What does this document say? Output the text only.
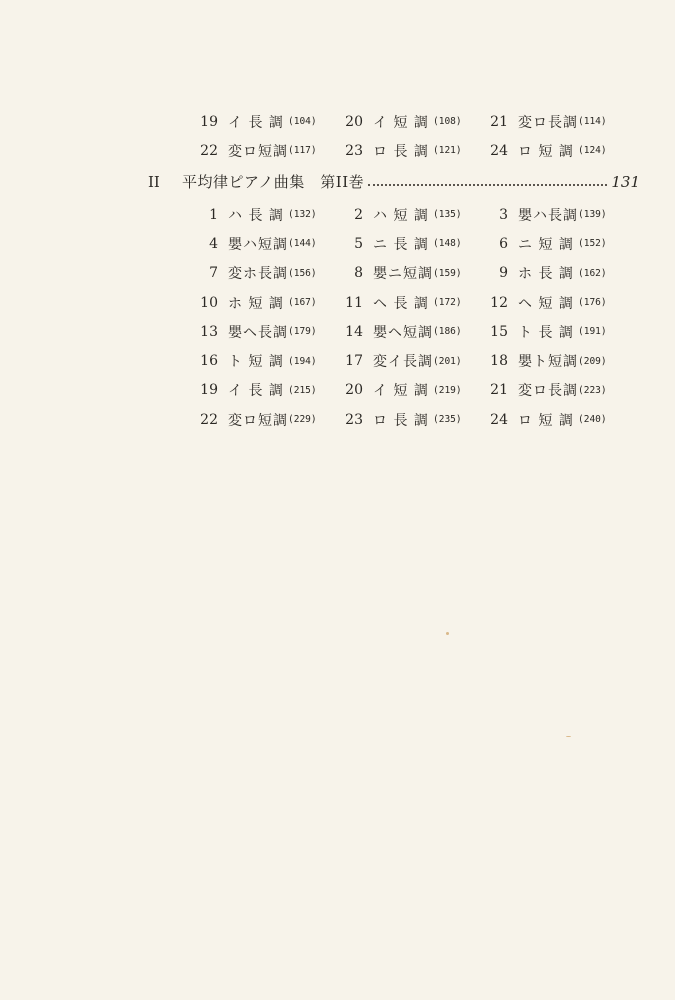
19 イ 長 調 (104)	20 イ 短 調 (108)	21 変ロ長調 (114)
22 変ロ短調 (117)	23 ロ 長 調 (121)	24 ロ 短 調 (124)
II	平均律ピアノ曲集　第II巻	131
1 ハ 長 調 (132)	2 ハ 短 調 (135)	3 嬰ハ長調 (139)
4 嬰ハ短調 (144)	5 ニ 長 調 (148)	6 ニ 短 調 (152)
7 変ホ長調 (156)	8 嬰ニ短調 (159)	9 ホ 長 調 (162)
10 ホ 短 調 (167)	11 ヘ 長 調 (172)	12 ヘ 短 調 (176)
13 嬰ヘ長調 (179)	14 嬰ヘ短調 (186)	15 ト 長 調 (191)
16 ト 短 調 (194)	17 変イ長調 (201)	18 嬰ト短調 (209)
19 イ 長 調 (215)	20 イ 短 調 (219)	21 変ロ長調 (223)
22 変ロ短調 (229)	23 ロ 長 調 (235)	24 ロ 短 調 (240)
